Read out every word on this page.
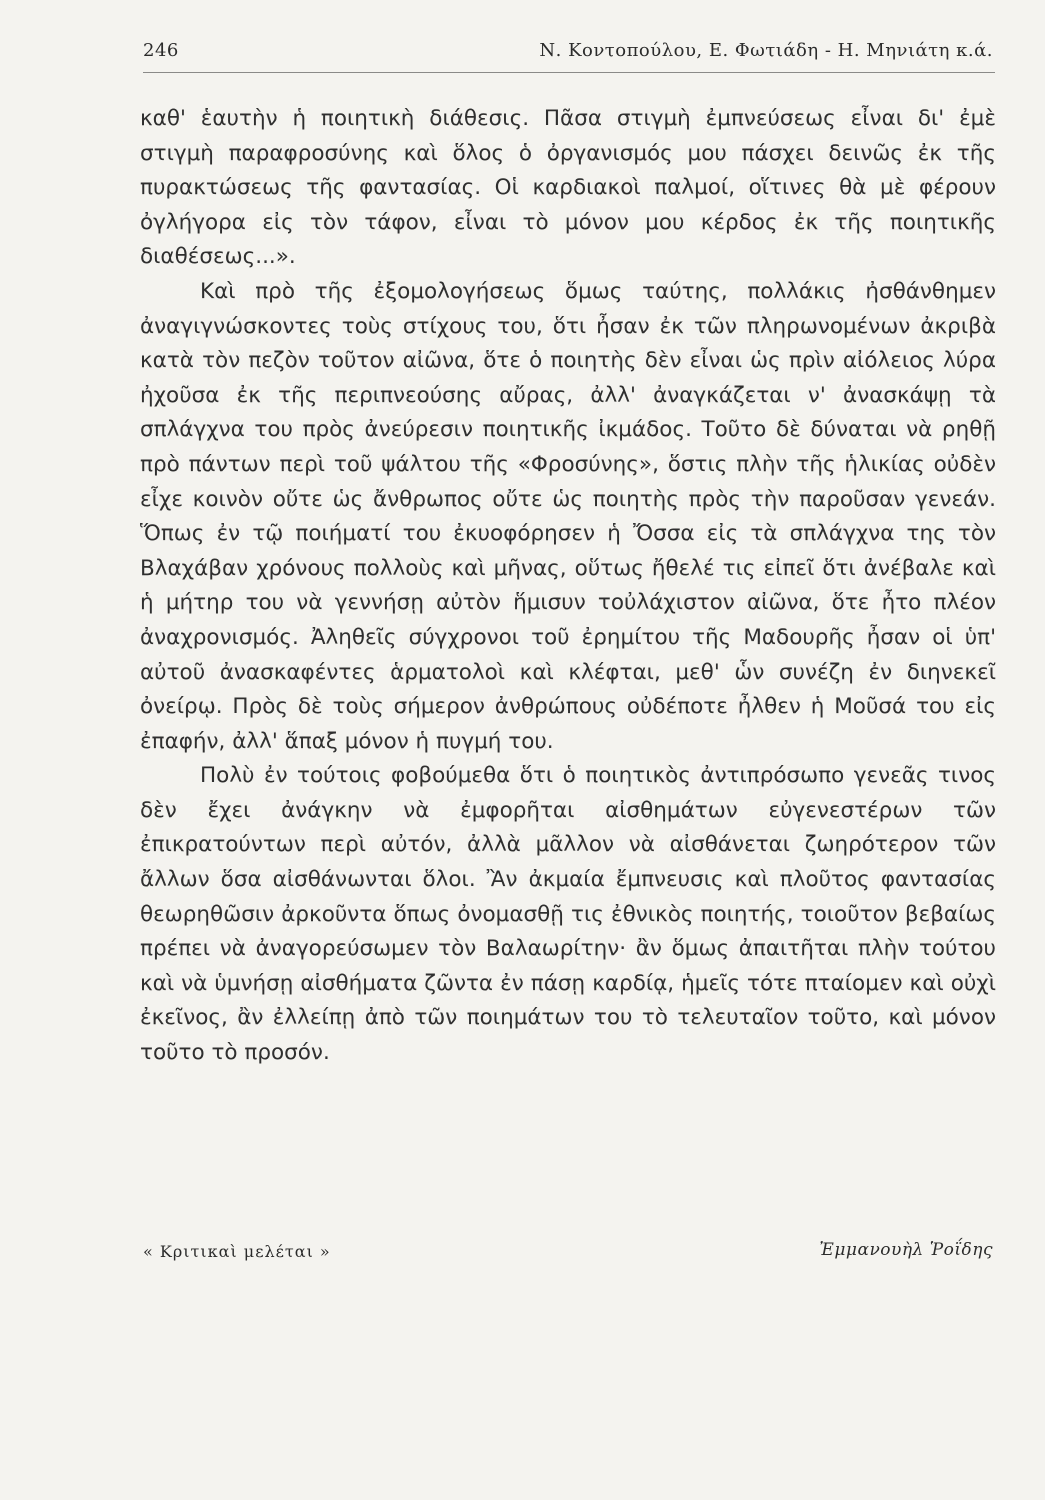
246	Ν. Κοντοπούλου, Ε. Φωτιάδη - Η. Μηνιάτη κ.ά.

καθ' ἑαυτὴν ἡ ποιητικὴ διάθεσις. Πᾶσα στιγμὴ ἐμπνεύσεως εἶναι δι' ἐμὲ στιγμὴ παραφροσύνης καὶ ὅλος ὁ ὀργανισμός μου πάσχει δεινῶς ἐκ τῆς πυρακτώσεως τῆς φαντασίας. Οἱ καρδιακοὶ παλμοί, οἵτινες θὰ μὲ φέρουν ὀγλήγορα εἰς τὸν τάφον, εἶναι τὸ μόνον μου κέρδος ἐκ τῆς ποιητικῆς διαθέσεως...».

Καὶ πρὸ τῆς ἐξομολογήσεως ὅμως ταύτης, πολλάκις ἠσθάνθημεν ἀναγιγνώσκοντες τοὺς στίχους του, ὅτι ἦσαν ἐκ τῶν πληρωνομένων ἀκριβὰ κατὰ τὸν πεζὸν τοῦτον αἰῶνα, ὅτε ὁ ποιητὴς δὲν εἶναι ὡς πρὶν αἰόλειος λύρα ἠχοῦσα ἐκ τῆς περιπνεούσης αὔρας, ἀλλ' ἀναγκάζεται ν' ἀνασκάψῃ τὰ σπλάγχνα του πρὸς ἀνεύρεσιν ποιητικῆς ἰκμάδος. Τοῦτο δὲ δύναται νὰ ρηθῇ πρὸ πάντων περὶ τοῦ ψάλτου τῆς «Φροσύνης», ὅστις πλὴν τῆς ἡλικίας οὐδὲν εἶχε κοινὸν οὔτε ὡς ἄνθρωπος οὔτε ὡς ποιητὴς πρὸς τὴν παροῦσαν γενεάν. Ὅπως ἐν τῷ ποιήματί του ἐκυοφόρησεν ἡ Ὄσσα εἰς τὰ σπλάγχνα της τὸν Βλαχάβαν χρόνους πολλοὺς καὶ μῆνας, οὕτως ἤθελέ τις εἰπεῖ ὅτι ἀνέβαλε καὶ ἡ μήτηρ του νὰ γεννήσῃ αὐτὸν ἥμισυν τοὐλάχιστον αἰῶνα, ὅτε ἦτο πλέον ἀναχρονισμός. Ἀληθεῖς σύγχρονοι τοῦ ἐρημίτου τῆς Μαδουρῆς ἦσαν οἱ ὑπ' αὐτοῦ ἀνασκαφέντες ἁρματολοὶ καὶ κλέφται, μεθ' ὧν συνέζη ἐν διηνεκεῖ ὀνείρῳ. Πρὸς δὲ τοὺς σήμερον ἀνθρώπους οὐδέποτε ἦλθεν ἡ Μοῦσά του εἰς ἐπαφήν, ἀλλ' ἅπαξ μόνον ἡ πυγμή του.

Πολὺ ἐν τούτοις φοβούμεθα ὅτι ὁ ποιητικὸς ἀντιπρόσωπο γενεᾶς τινος δὲν ἔχει ἀνάγκην νὰ ἐμφορῆται αἰσθημάτων εὐγενεστέρων τῶν ἐπικρατούντων περὶ αὐτόν, ἀλλὰ μᾶλλον νὰ αἰσθάνεται ζωηρότερον τῶν ἄλλων ὅσα αἰσθάνωνται ὅλοι. Ἂν ἀκμαία ἔμπνευσις καὶ πλοῦτος φαντασίας θεωρηθῶσιν ἀρκοῦντα ὅπως ὀνομασθῇ τις ἐθνικὸς ποιητής, τοιοῦτον βεβαίως πρέπει νὰ ἀναγορεύσωμεν τὸν Βαλαωρίτην· ἂν ὅμως ἀπαιτῆται πλὴν τούτου καὶ νὰ ὑμνήσῃ αἰσθήματα ζῶντα ἐν πάσῃ καρδίᾳ, ἡμεῖς τότε πταίομεν καὶ οὐχὶ ἐκεῖνος, ἂν ἐλλείπῃ ἀπὸ τῶν ποιημάτων του τὸ τελευταῖον τοῦτο, καὶ μόνον τοῦτο τὸ προσόν.

« Κριτικαὶ μελέται »	Ἐμμανουὴλ Ῥοΐδης
